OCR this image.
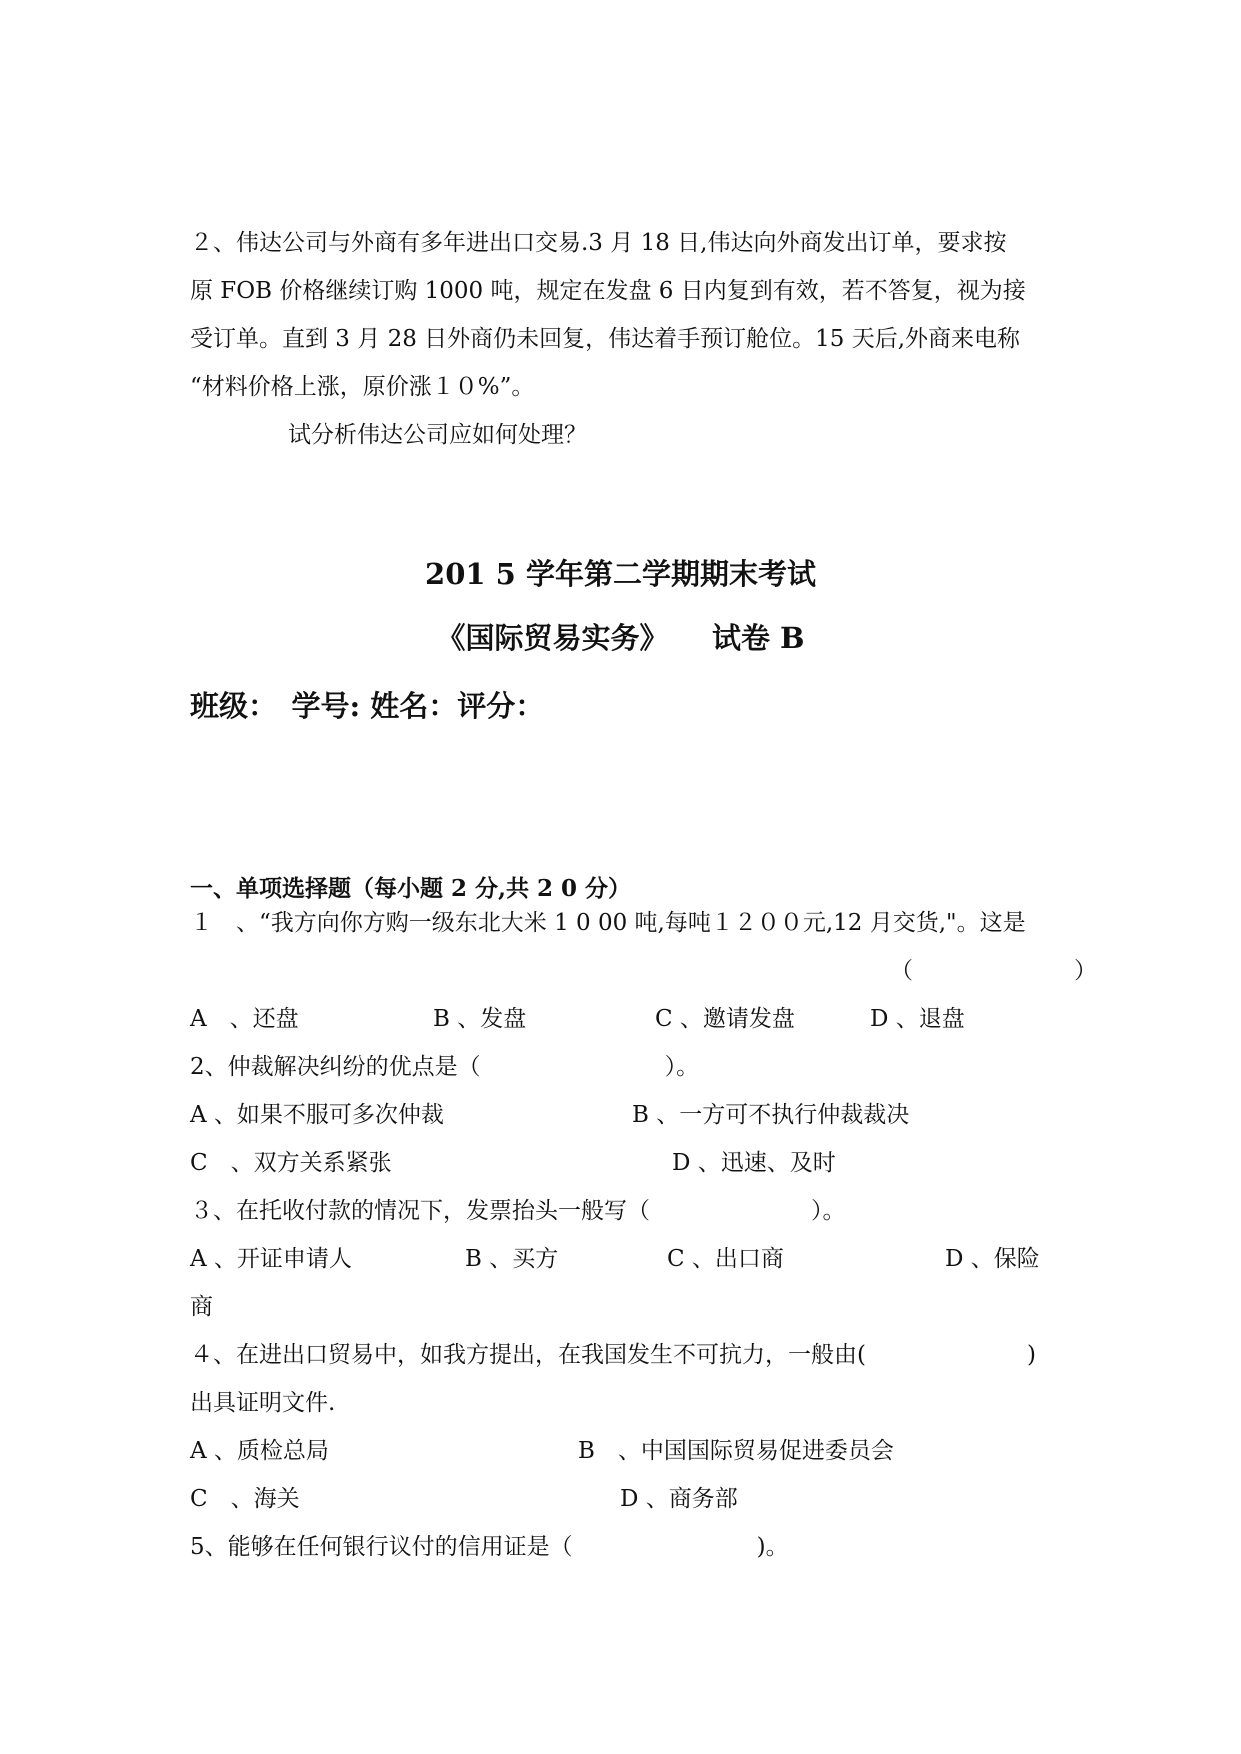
２、伟达公司与外商有多年进出口交易.3 月 18 日,伟达向外商发出订单，要求按
原 FOB 价格继续订购 1000 吨，规定在发盘 6 日内复到有效，若不答复，视为接
受订单。直到 3 月 28 日外商仍未回复，伟达着手预订舱位。15 天后,外商来电称
“材料价格上涨，原价涨１０%”。
试分析伟达公司应如何处理？
201 5 学年第二学期期末考试
《国际贸易实务》　　试卷 B
班级：　学号: 姓名：评分：
一、单项选择题（每小题 2 分,共 2 0 分）
１　、“我方向你方购一级东北大米 1 0 00 吨,每吨１２００元,12 月交货,"。这是
（　　　　　　　）
A　、还盘	B 、发盘	C 、邀请发盘	D 、退盘
2、仲裁解决纠纷的优点是（　　　　　　　　）。
A 、如果不服可多次仲裁	B 、一方可不执行仲裁裁决
C　、双方关系紧张	D 、迅速、及时
３、在托收付款的情况下，发票抬头一般写（　　　　　　　）。
A 、开证申请人	B 、买方	C 、出口商	D 、保险
商
４、在进出口贸易中，如我方提出，在我国发生不可抗力，一般由(　　　　　　　)
出具证明文件.
A 、质检总局	B　、中国国际贸易促进委员会
C　、海关	D 、商务部
5、能够在任何银行议付的信用证是（　　　　　　　　)。
